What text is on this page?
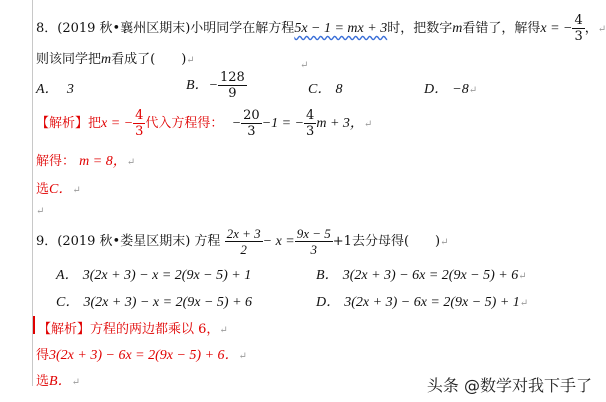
8．(2019 秋•襄州区期末)小明同学在解方程5x − 1 = mx + 3时，把数字m看错了，解得x = − $\frac{4}{3}$ ，↵
则该同学把m看成了(　　)↵	↵
A． 3	B．− $\frac{128}{9}$	C． 8	D． −8↵
【解析】把x = − $\frac{4}{3}$ 代入方程得： − $\frac{20}{3} -1$ = − $\frac{4}{3}$ m + 3，↵
解得： m = 8，↵
选C．↵
↵
9．(2019 秋•娄星区期末) 方程 $\frac{2x + 3}{2} - x = \frac{9x - 5}{3} +1$去分母得(　　)↵
A． 3(2x + 3) − x = 2(9x − 5) + 1	B． 3(2x + 3) − 6x = 2(9x − 5) + 6↵
C． 3(2x + 3) − x = 2(9x − 5) + 6	D． 3(2x + 3) − 6x = 2(9x − 5) + 1↵
【解析】方程的两边都乘以 6，↵
得3(2x + 3) − 6x = 2(9x − 5) + 6．↵
选B．↵	头条 @数学对我下手了
